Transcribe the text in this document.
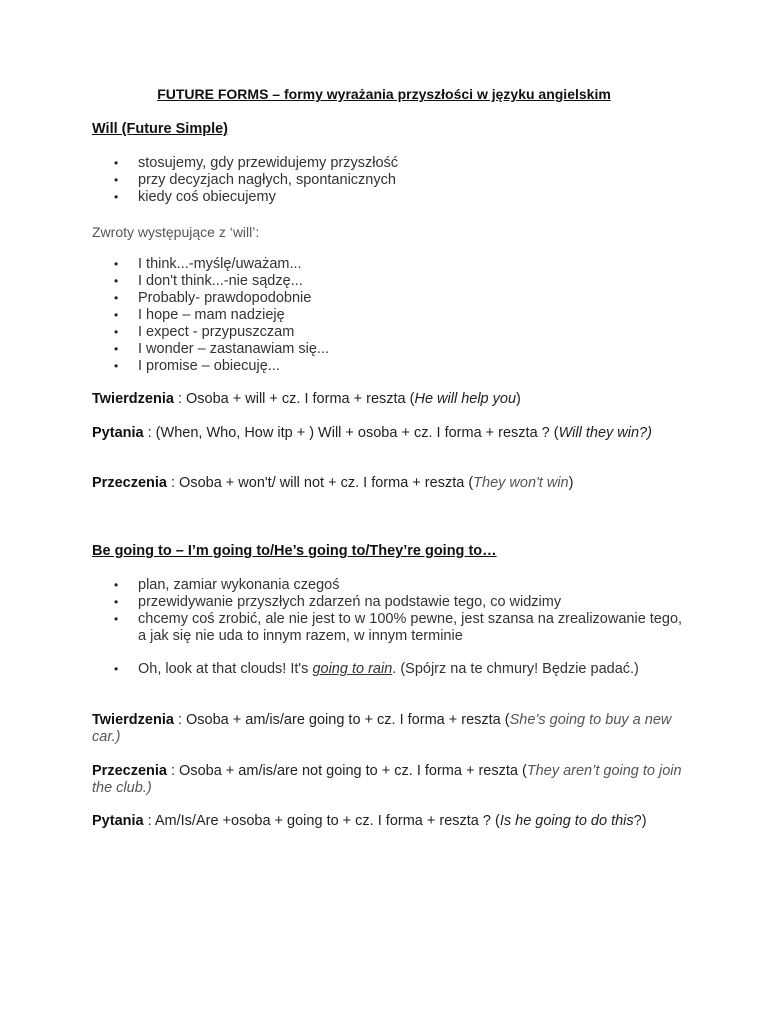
FUTURE FORMS – formy wyrażania przyszłości w języku angielskim
Will (Future Simple)
• stosujemy, gdy przewidujemy przyszłość
• przy decyzjach nagłych, spontanicznych
• kiedy coś obiecujemy
Zwroty występujące z ‘will’:
• I think...-myślę/uważam...
• I don't think...-nie sądzę...
• Probably- prawdopodobnie
• I hope – mam nadzieję
• I expect - przypuszczam
• I wonder – zastanawiam się...
• I promise – obiecuję...
Twierdzenia : Osoba + will + cz. I forma + reszta (He will help you)
Pytania : (When, Who, How itp + ) Will + osoba + cz. I forma + reszta ? (Will they win?)
Przeczenia : Osoba + won't/ will not + cz. I forma + reszta (They won't win)
Be going to – I’m going to/He’s going to/They’re going to…
• plan, zamiar wykonania czegoś
• przewidywanie przyszłych zdarzeń na podstawie tego, co widzimy
• chcemy coś zrobić, ale nie jest to w 100% pewne, jest szansa na zrealizowanie tego, a jak się nie uda to innym razem, w innym terminie
• Oh, look at that clouds! It's going to rain. (Spójrz na te chmury! Będzie padać.)
Twierdzenia : Osoba + am/is/are going to + cz. I forma + reszta (She’s going to buy a new car.)
Przeczenia : Osoba + am/is/are not going to + cz. I forma + reszta (They aren’t going to join the club.)
Pytania : Am/Is/Are +osoba + going to + cz. I forma + reszta ? (Is he going to do this?)
